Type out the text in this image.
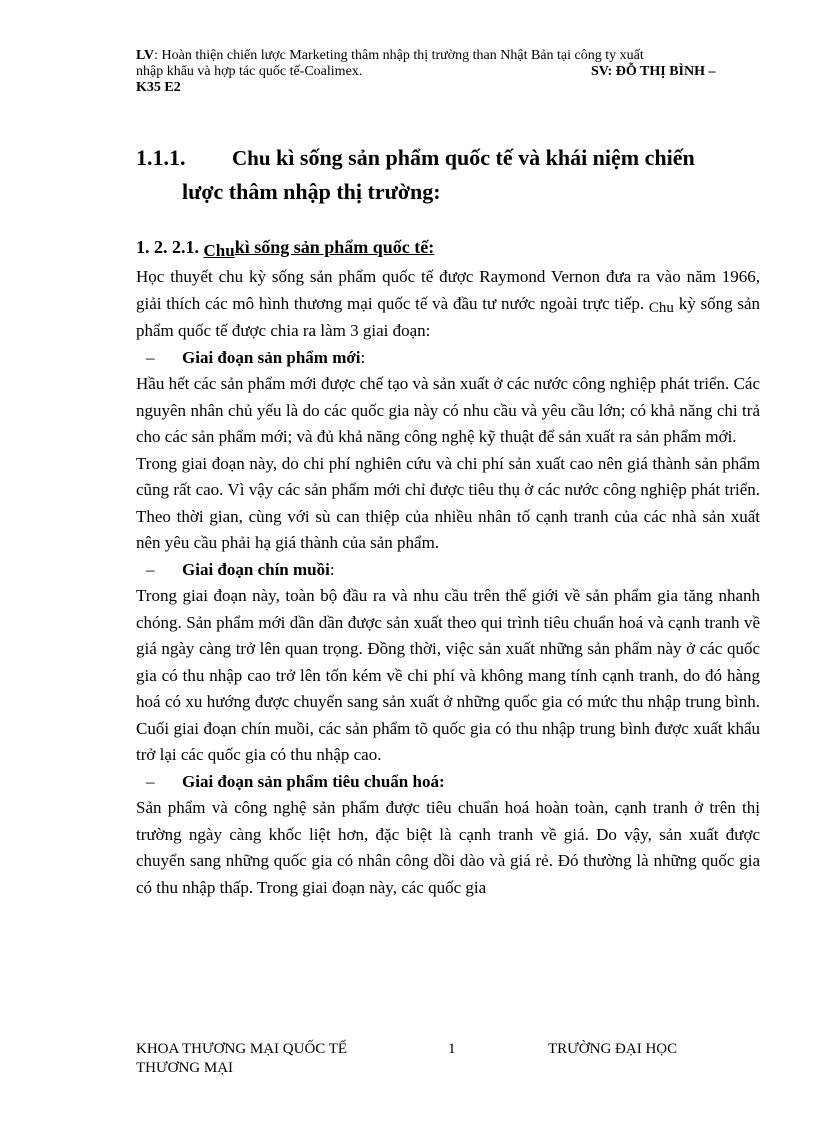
LV: Hoàn thiện chiến lược Marketing thâm nhập thị trường than Nhật Bản tại công ty xuất
nhập khẩu và hợp tác quốc tế-Coalimex.	SV: ĐỖ THỊ BÌNH –
K35 E2
1.1.1. Chu kì sống sản phẩm quốc tế và khái niệm chiến
lược thâm nhập thị trường:
1. 2. 2.1. Chukì sống sản phẩm quốc tế:

Học thuyết chu kỳ sống sản phẩm quốc tế được Raymond Vernon đưa ra vào năm 1966, giải thích các mô hình thương mại quốc tế và đầu tư nước ngoài trực tiếp. Chu kỳ sống sản phẩm quốc tế được chia ra làm 3 giai đoạn:

– Giai đoạn sản phẩm mới:

Hầu hết các sản phẩm mới được chế tạo và sản xuất ở các nước công nghiệp phát triển. Các nguyên nhân chủ yếu là do các quốc gia này có nhu cầu và yêu cầu lớn; có khả năng chi trả cho các sản phẩm mới; và đủ khả năng công nghệ kỹ thuật để sản xuất ra sản phẩm mới.

Trong giai đoạn này, do chi phí nghiên cứu và chi phí sản xuất cao nên giá thành sản phẩm cũng rất cao. Vì vậy các sản phẩm mới chỉ được tiêu thụ ở các nước công nghiệp phát triển. Theo thời gian, cùng với sù can thiệp của nhiều nhân tố cạnh tranh của các nhà sản xuất nên yêu cầu phải hạ giá thành của sản phẩm.

– Giai đoạn chín muồi:

Trong giai đoạn này, toàn bộ đầu ra và nhu cầu trên thế giới về sản phẩm gia tăng nhanh chóng. Sản phẩm mới dần dần được sản xuất theo qui trình tiêu chuẩn hoá và cạnh tranh về giá ngày càng trở lên quan trọng. Đồng thời, việc sản xuất những sản phẩm này ở các quốc gia có thu nhập cao trở lên tốn kém về chi phí và không mang tính cạnh tranh, do đó hàng hoá có xu hướng được chuyển sang sản xuất ở những quốc gia có mức thu nhập trung bình. Cuối giai đoạn chín muồi, các sản phẩm tõ quốc gia có thu nhập trung bình được xuất khẩu trở lại các quốc gia có thu nhập cao.

– Giai đoạn sản phẩm tiêu chuẩn hoá:

Sản phẩm và công nghệ sản phẩm được tiêu chuẩn hoá hoàn toàn, cạnh tranh ở trên thị trường ngày càng khốc liệt hơn, đặc biệt là cạnh tranh về giá. Do vậy, sản xuất được chuyển sang những quốc gia có nhân công dồi dào và giá rẻ. Đó thường là những quốc gia có thu nhập thấp. Trong giai đoạn này, các quốc gia

KHOA THƯƠNG MẠI QUỐC TẾ	1	TRƯỜNG ĐẠI HỌC
THƯƠNG MẠI
